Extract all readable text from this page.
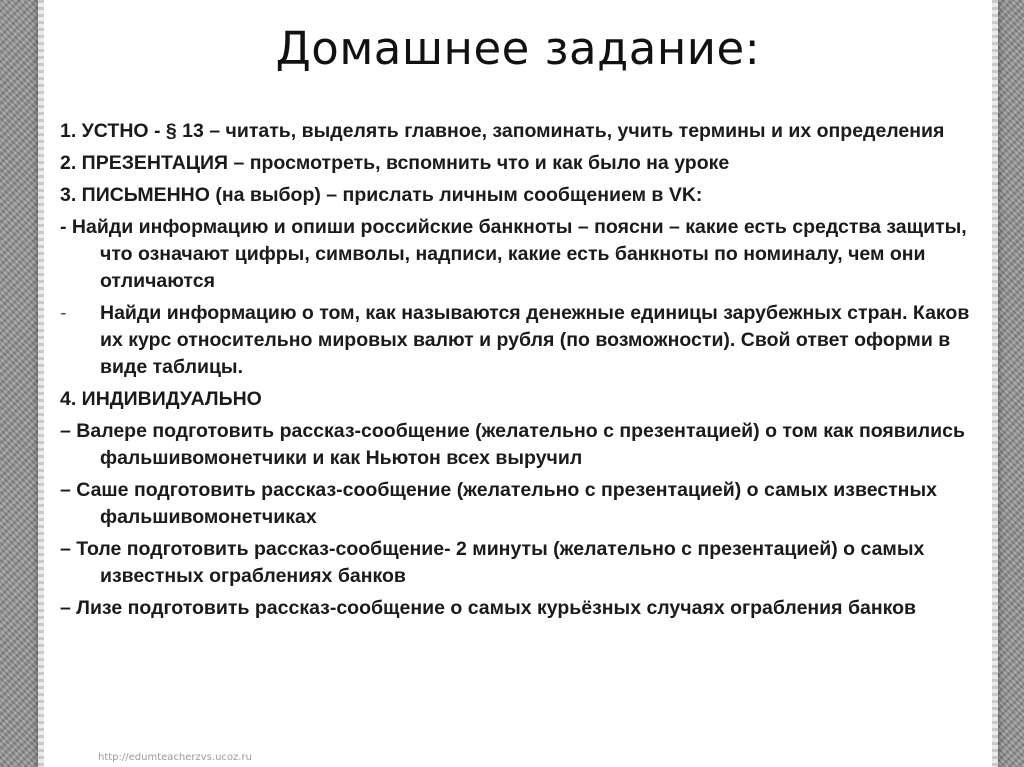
Домашнее задание:
1. УСТНО - § 13 – читать, выделять главное, запоминать, учить термины и их определения
2. ПРЕЗЕНТАЦИЯ – просмотреть, вспомнить что и как было на уроке
3. ПИСЬМЕННО (на выбор) – прислать личным сообщением в VK:
- Найди информацию и опиши российские банкноты – поясни – какие есть средства защиты, что означают цифры, символы, надписи, какие есть банкноты по номиналу, чем они отличаются
- Найди информацию о том, как называются денежные единицы зарубежных стран. Каков их курс относительно мировых валют и рубля (по возможности). Свой ответ оформи в виде таблицы.
4. ИНДИВИДУАЛЬНО
– Валере подготовить рассказ-сообщение (желательно с презентацией) о том как появились фальшивомонетчики и как Ньютон всех выручил
– Саше подготовить рассказ-сообщение (желательно с презентацией) о самых известных фальшивомонетчиках
– Толе подготовить рассказ-сообщение- 2 минуты (желательно с презентацией) о самых известных ограблениях банков
– Лизе подготовить рассказ-сообщение о самых курьёзных случаях ограбления банков
http://edumteacherzvs.ucoz.ru
